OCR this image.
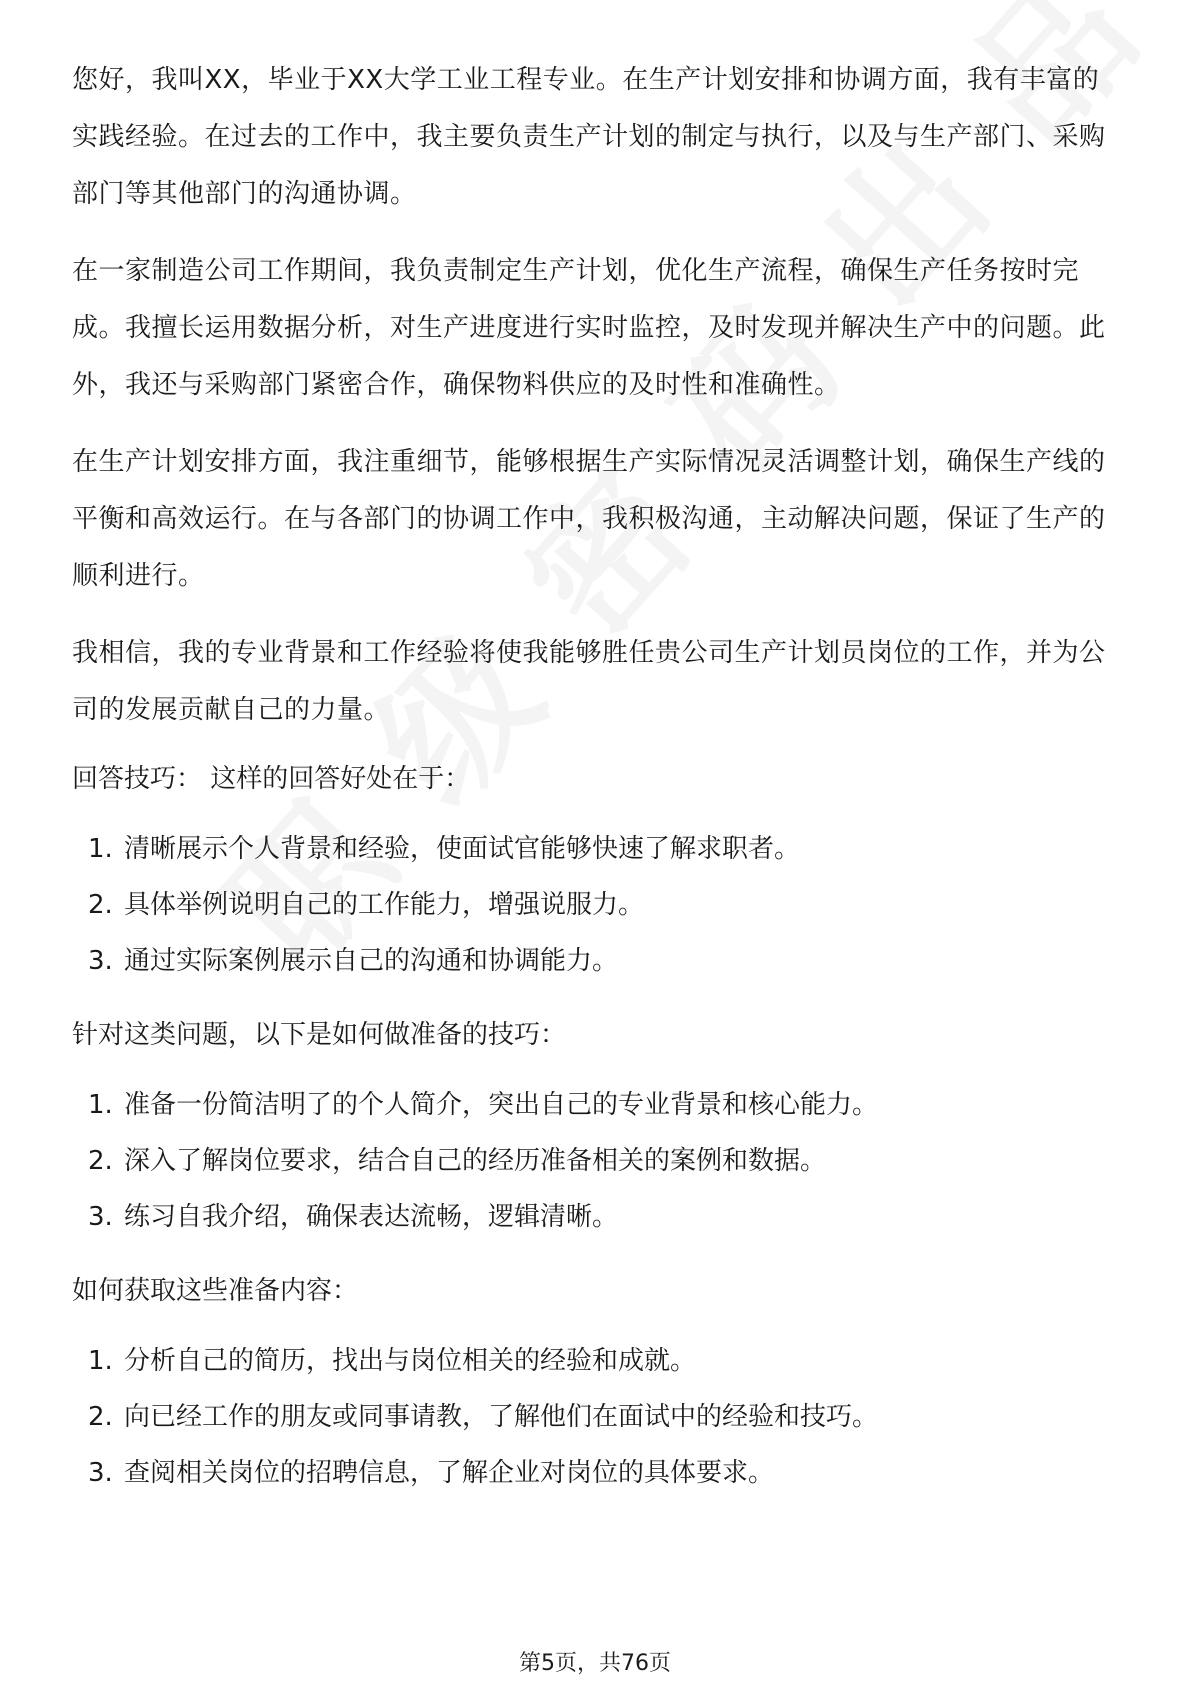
您好，我叫XX，毕业于XX大学工业工程专业。在生产计划安排和协调方面，我有丰富的实践经验。在过去的工作中，我主要负责生产计划的制定与执行，以及与生产部门、采购部门等其他部门的沟通协调。

在一家制造公司工作期间，我负责制定生产计划，优化生产流程，确保生产任务按时完成。我擅长运用数据分析，对生产进度进行实时监控，及时发现并解决生产中的问题。此外，我还与采购部门紧密合作，确保物料供应的及时性和准确性。

在生产计划安排方面，我注重细节，能够根据生产实际情况灵活调整计划，确保生产线的平衡和高效运行。在与各部门的协调工作中，我积极沟通，主动解决问题，保证了生产的顺利进行。

我相信，我的专业背景和工作经验将使我能够胜任贵公司生产计划员岗位的工作，并为公司的发展贡献自己的力量。

回答技巧： 这样的回答好处在于：
1. 清晰展示个人背景和经验，使面试官能够快速了解求职者。
2. 具体举例说明自己的工作能力，增强说服力。
3. 通过实际案例展示自己的沟通和协调能力。
针对这类问题，以下是如何做准备的技巧：
1. 准备一份简洁明了的个人简介，突出自己的专业背景和核心能力。
2. 深入了解岗位要求，结合自己的经历准备相关的案例和数据。
3. 练习自我介绍，确保表达流畅，逻辑清晰。
如何获取这些准备内容：
1. 分析自己的简历，找出与岗位相关的经验和成就。
2. 向已经工作的朋友或同事请教，了解他们在面试中的经验和技巧。
3. 查阅相关岗位的招聘信息，了解企业对岗位的具体要求。
第5页，共76页
